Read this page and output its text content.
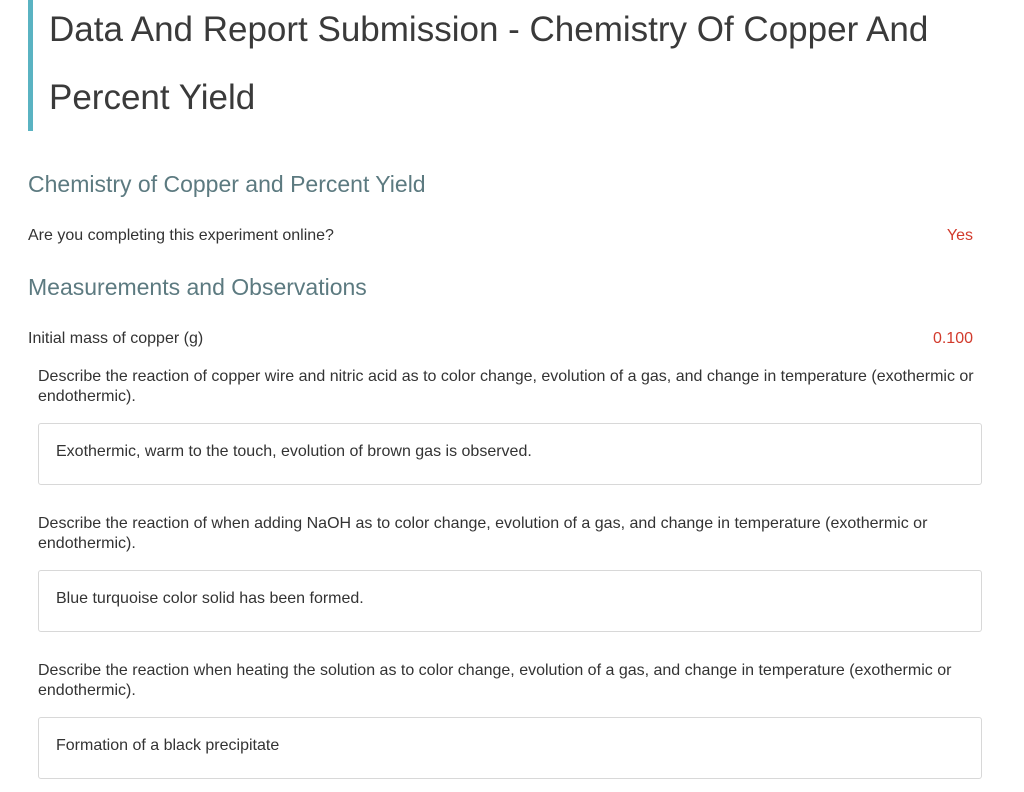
Data And Report Submission - Chemistry Of Copper And Percent Yield
Chemistry of Copper and Percent Yield
Are you completing this experiment online?	Yes
Measurements and Observations
Initial mass of copper (g)	0.100
Describe the reaction of copper wire and nitric acid as to color change, evolution of a gas, and change in temperature (exothermic or endothermic).
Exothermic, warm to the touch, evolution of brown gas is observed.
Describe the reaction of when adding NaOH as to color change, evolution of a gas, and change in temperature (exothermic or endothermic).
Blue turquoise color solid has been formed.
Describe the reaction when heating the solution as to color change, evolution of a gas, and change in temperature (exothermic or endothermic).
Formation of a black precipitate
